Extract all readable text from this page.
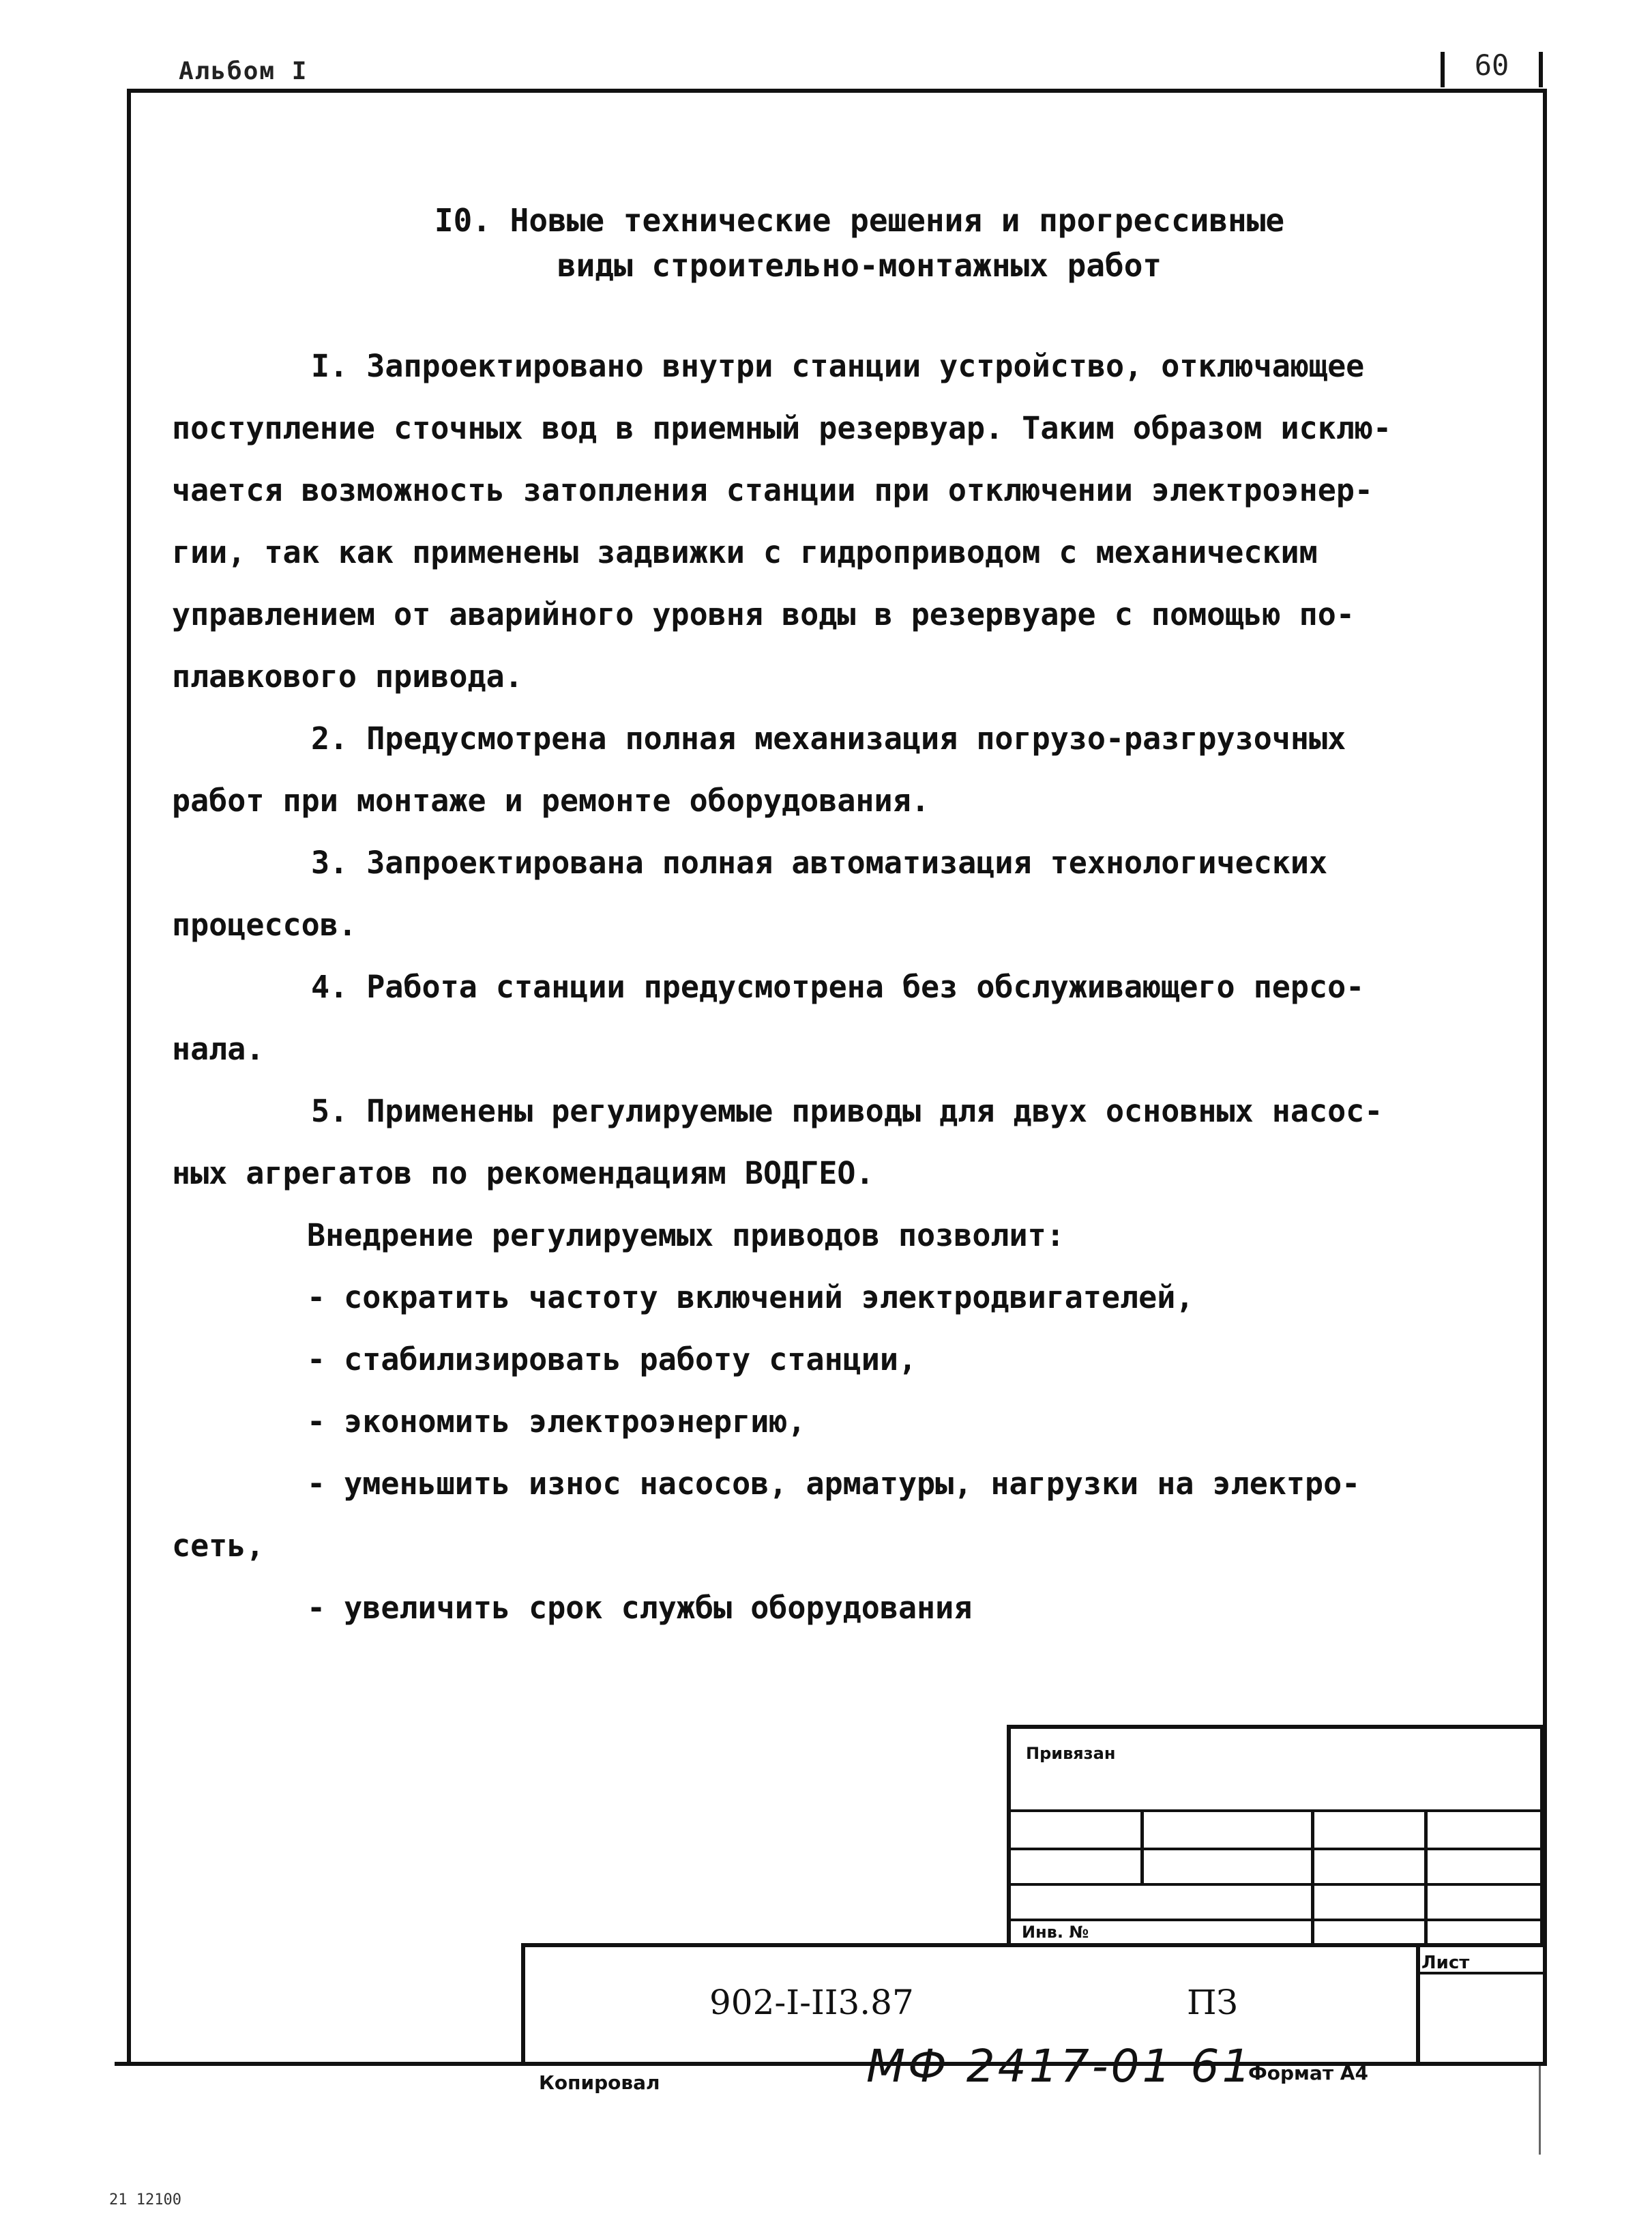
Альбом I	60
I0. Новые технические решения и прогрессивные
виды строительно-монтажных работ
I. Запроектировано внутри станции устройство, отключающее
поступление сточных вод в приемный резервуар. Таким образом исклю-
чается возможность затопления станции при отключении электроэнер-
гии, так как применены задвижки с гидроприводом с механическим
управлением от аварийного уровня воды в резервуаре с помощью по-
плавкового привода.
2. Предусмотрена полная механизация погрузо-разгрузочных
работ при монтаже и ремонте оборудования.
3. Запроектирована полная автоматизация технологических
процессов.
4. Работа станции предусмотрена без обслуживающего персо-
нала.
5. Применены регулируемые приводы для двух основных насос-
ных агрегатов по рекомендациям ВОДГЕО.
Внедрение регулируемых приводов позволит:
- сократить частоту включений электродвигателей,
- стабилизировать работу станции,
- экономить электроэнергию,
- уменьшить износ насосов, арматуры, нагрузки на электро-
сеть,
- увеличить срок службы оборудования
Привязан
Инв. №
Лист
902-I-II3.87	ПЗ
Копировал	МФ 2417-01 61
Формат А4
21 12100
